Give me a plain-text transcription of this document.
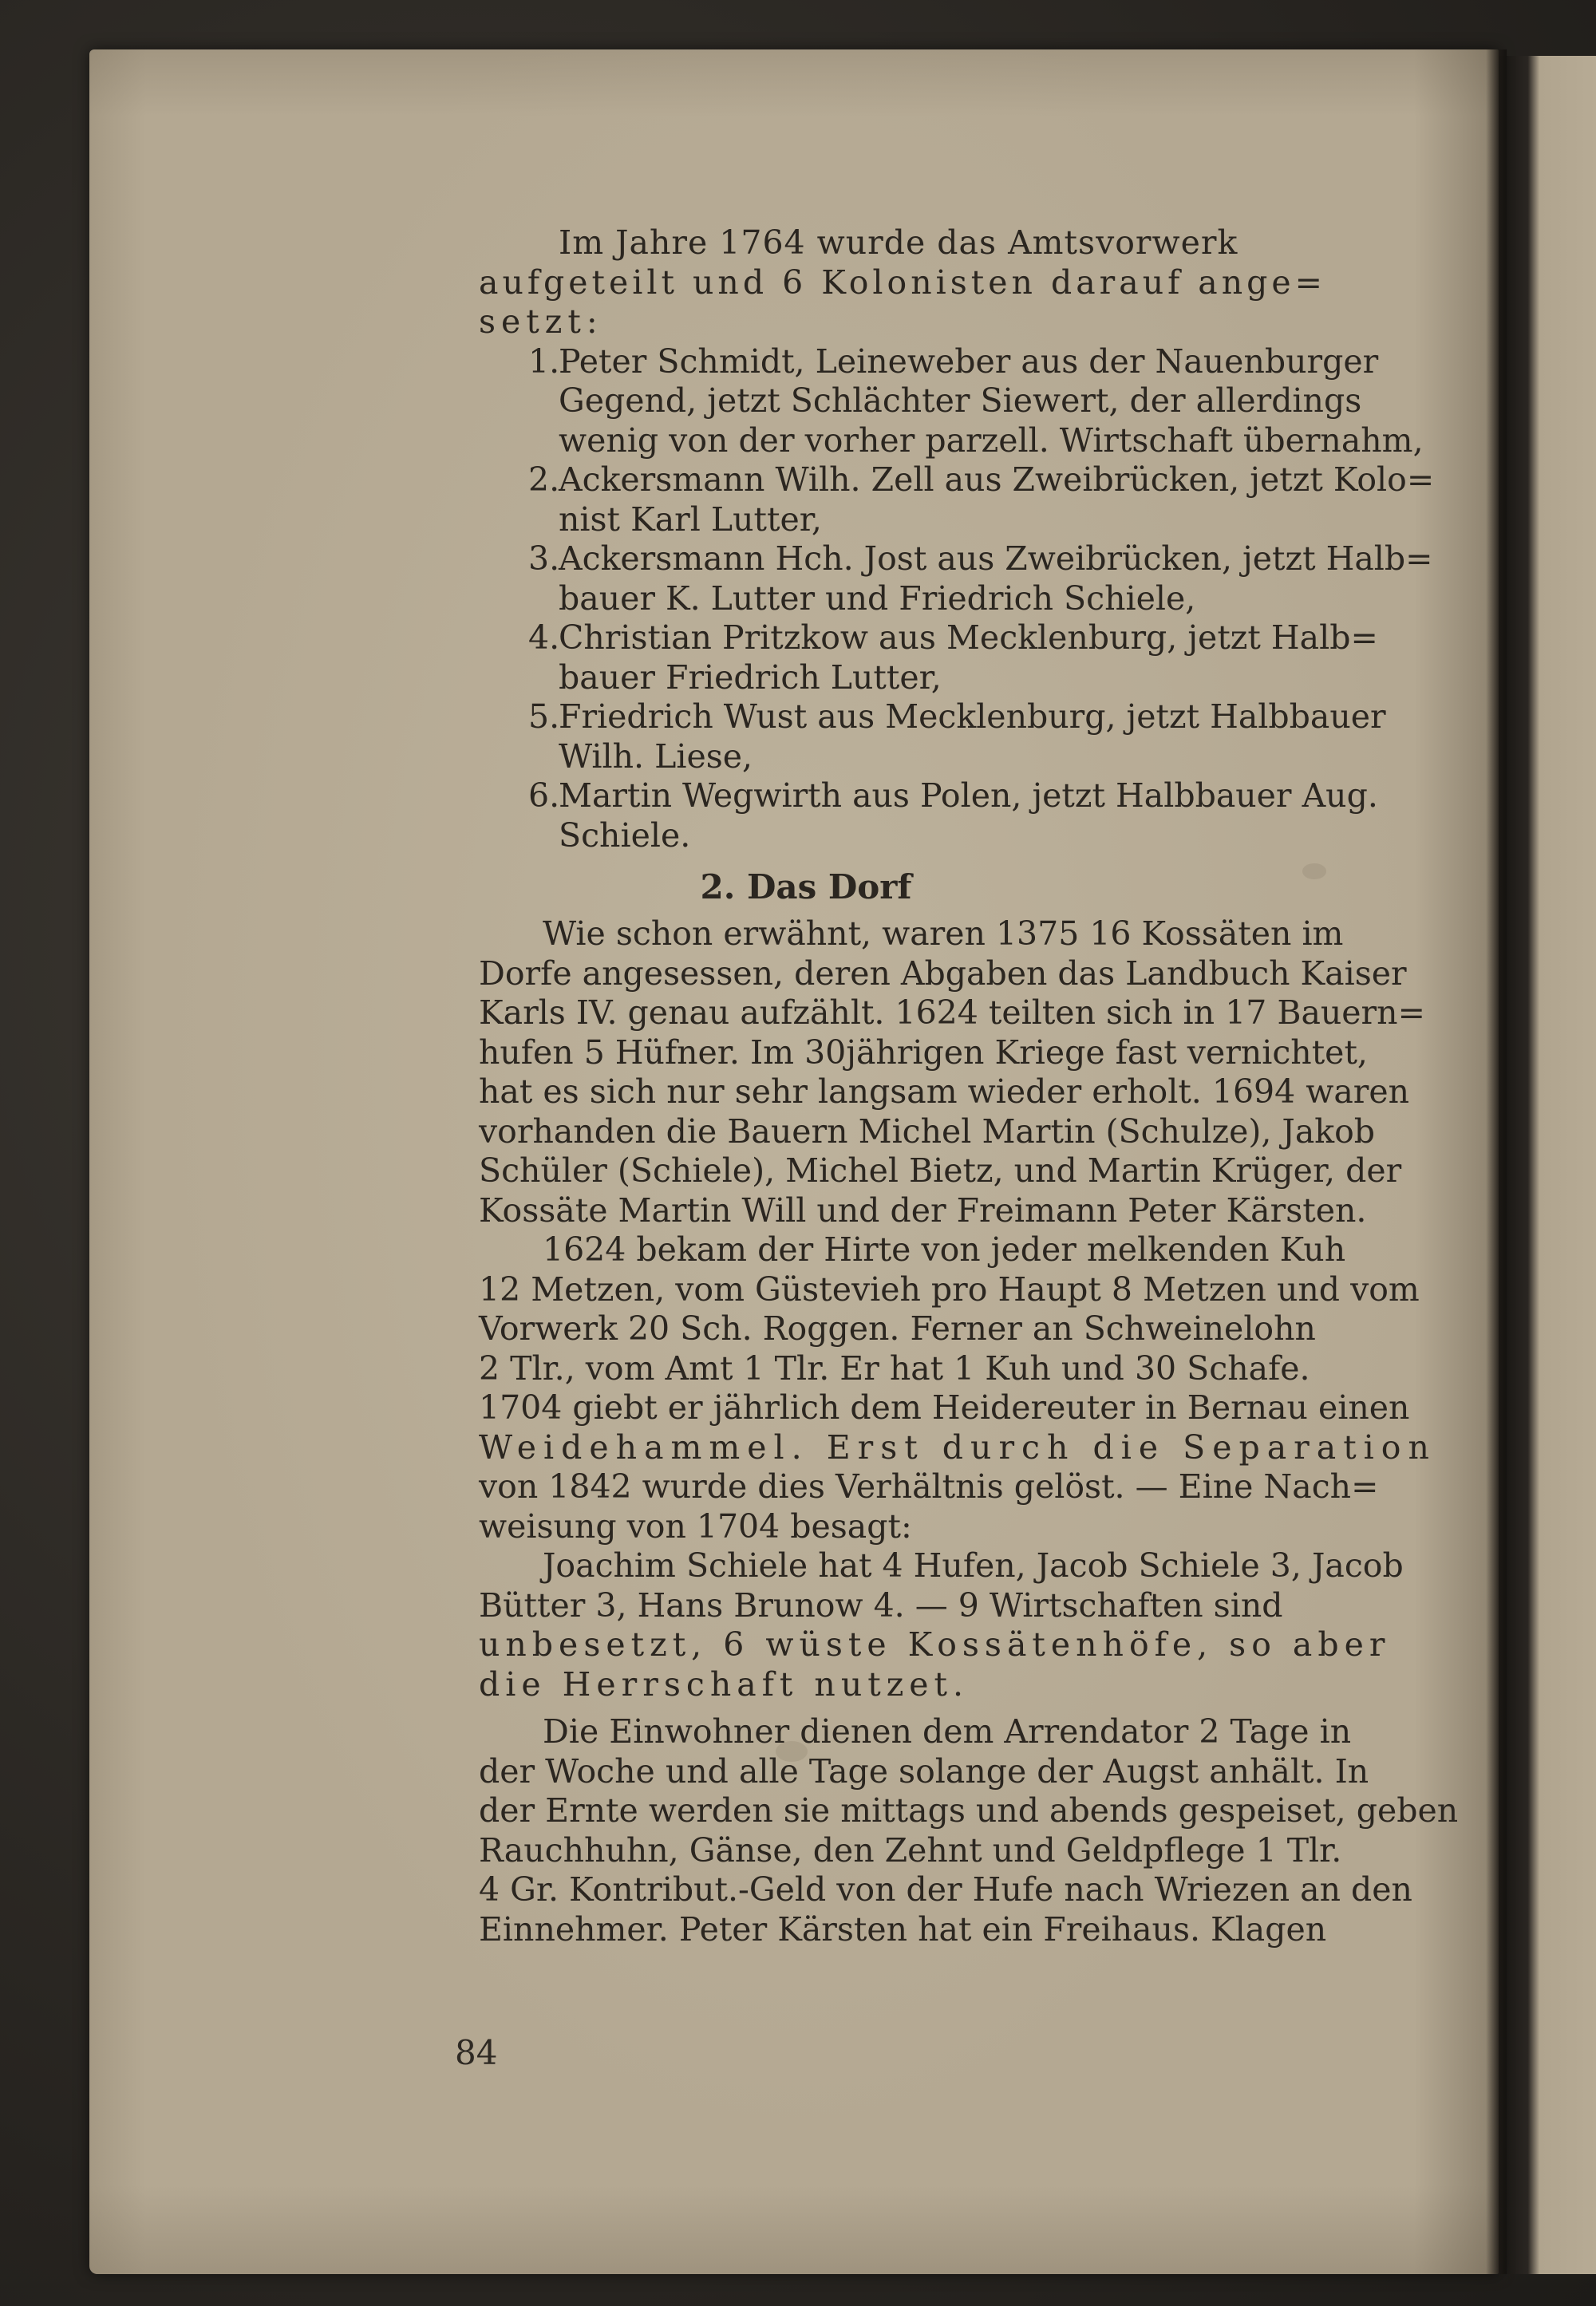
Im Jahre 1764 wurde das Amtsvorwerk
aufgeteilt und 6 Kolonisten darauf ange=
setzt:
1.
Peter Schmidt, Leineweber aus der Nauenburger
Gegend, jetzt Schlächter Siewert, der allerdings
wenig von der vorher parzell. Wirtschaft übernahm,
2.
Ackersmann Wilh. Zell aus Zweibrücken, jetzt Kolo=
nist Karl Lutter,
3.
Ackersmann Hch. Jost aus Zweibrücken, jetzt Halb=
bauer K. Lutter und Friedrich Schiele,
4.
Christian Pritzkow aus Mecklenburg, jetzt Halb=
bauer Friedrich Lutter,
5.
Friedrich Wust aus Mecklenburg, jetzt Halbbauer
Wilh. Liese,
6.
Martin Wegwirth aus Polen, jetzt Halbbauer Aug.
Schiele.
2. Das Dorf
Wie schon erwähnt, waren 1375 16 Kossäten im
Dorfe angesessen, deren Abgaben das Landbuch Kaiser
Karls IV. genau aufzählt. 1624 teilten sich in 17 Bauern=
hufen 5 Hüfner. Im 30jährigen Kriege fast vernichtet,
hat es sich nur sehr langsam wieder erholt. 1694 waren
vorhanden die Bauern Michel Martin (Schulze), Jakob
Schüler (Schiele), Michel Bietz, und Martin Krüger, der
Kossäte Martin Will und der Freimann Peter Kärsten.
1624 bekam der Hirte von jeder melkenden Kuh
12 Metzen, vom Güstevieh pro Haupt 8 Metzen und vom
Vorwerk 20 Sch. Roggen. Ferner an Schweinelohn
2 Tlr., vom Amt 1 Tlr. Er hat 1 Kuh und 30 Schafe.
1704 giebt er jährlich dem Heidereuter in Bernau einen
Weidehammel. Erst durch die Separation
von 1842 wurde dies Verhältnis gelöst. — Eine Nach=
weisung von 1704 besagt:
Joachim Schiele hat 4 Hufen, Jacob Schiele 3, Jacob
Bütter 3, Hans Brunow 4. — 9 Wirtschaften sind
unbesetzt, 6 wüste Kossätenhöfe, so aber
die Herrschaft nutzet.
Die Einwohner dienen dem Arrendator 2 Tage in
der Woche und alle Tage solange der Augst anhält. In
der Ernte werden sie mittags und abends gespeiset, geben
Rauchhuhn, Gänse, den Zehnt und Geldpflege 1 Tlr.
4 Gr. Kontribut.-Geld von der Hufe nach Wriezen an den
Einnehmer. Peter Kärsten hat ein Freihaus. Klagen
84
